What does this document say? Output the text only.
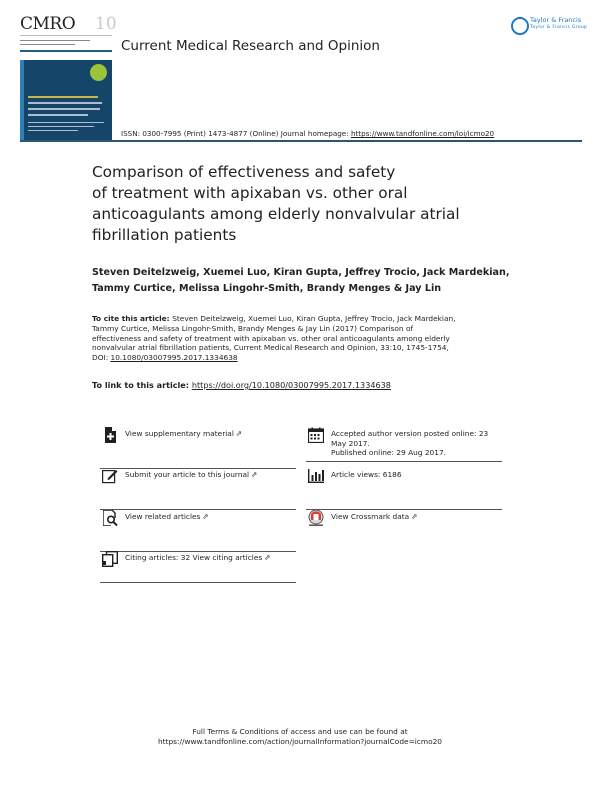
CMRO 10
Current Medical Research and Opinion
Taylor & Francis
Taylor & Francis Group
ISSN: 0300-7995 (Print) 1473-4877 (Online) Journal homepage: https://www.tandfonline.com/loi/icmo20
Comparison of effectiveness and safety
of treatment with apixaban vs. other oral
anticoagulants among elderly nonvalvular atrial
fibrillation patients
Steven Deitelzweig, Xuemei Luo, Kiran Gupta, Jeffrey Trocio, Jack Mardekian,
Tammy Curtice, Melissa Lingohr-Smith, Brandy Menges & Jay Lin
To cite this article: Steven Deitelzweig, Xuemei Luo, Kiran Gupta, Jeffrey Trocio, Jack Mardekian,
Tammy Curtice, Melissa Lingohr-Smith, Brandy Menges & Jay Lin (2017) Comparison of
effectiveness and safety of treatment with apixaban vs. other oral anticoagulants among elderly
nonvalvular atrial fibrillation patients, Current Medical Research and Opinion, 33:10, 1745-1754,
DOI: 10.1080/03007995.2017.1334638
To link to this article: https://doi.org/10.1080/03007995.2017.1334638
View supplementary material ⇗	Accepted author version posted online: 23
May 2017.
Published online: 29 Aug 2017.
Submit your article to this journal ⇗	Article views: 6186
View related articles ⇗	View Crossmark data ⇗
Citing articles: 32 View citing articles ⇗
Full Terms & Conditions of access and use can be found at
https://www.tandfonline.com/action/journalInformation?journalCode=icmo20
